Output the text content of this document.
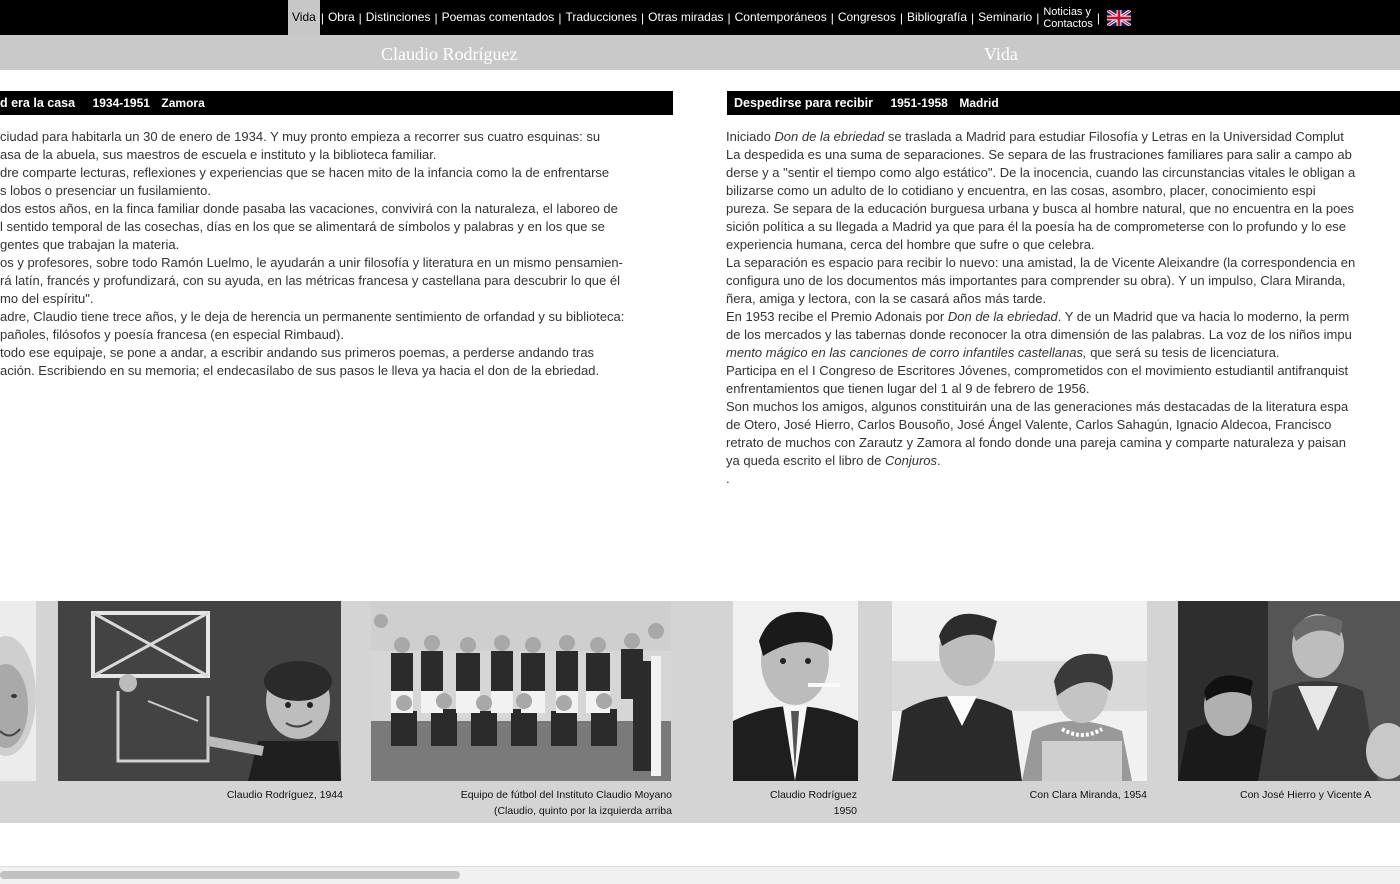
Vida | Obra | Distinciones | Poemas comentados | Traducciones | Otras miradas | Contemporáneos | Congresos | Bibliografía | Seminario | Noticias y
Contactos |
Claudio Rodríguez	Vida
d era la casa 1934-1951 Zamora	Despedirse para recibir 1951-1958 Madrid

ciudad para habitarla un 30 de enero de 1934. Y muy pronto empieza a recorrer sus cuatro esquinas: su

asa de la abuela, sus maestros de escuela e instituto y la biblioteca familiar.

dre comparte lecturas, reflexiones y experiencias que se hacen mito de la infancia como la de enfrentarse

s lobos o presenciar un fusilamiento.

dos estos años, en la finca familiar donde pasaba las vacaciones, convivirá con la naturaleza, el laboreo de

l sentido temporal de las cosechas, días en los que se alimentará de símbolos y palabras y en los que se

gentes que trabajan la materia.

os y profesores, sobre todo Ramón Luelmo, le ayudarán a unir filosofía y literatura en un mismo pensamien-

rá latín, francés y profundizará, con su ayuda, en las métricas francesa y castellana para descubrir lo que él

mo del espíritu".

adre, Claudio tiene trece años, y le deja de herencia un permanente sentimiento de orfandad y su biblioteca:

pañoles, filósofos y poesía francesa (en especial Rimbaud).

todo ese equipaje, se pone a andar, a escribir andando sus primeros poemas, a perderse andando tras

ación. Escribiendo en su memoria; el endecasílabo de sus pasos le lleva ya hacia el don de la ebriedad.

Iniciado Don de la ebriedad se traslada a Madrid para estudiar Filosofía y Letras en la Universidad Complut

La despedida es una suma de separaciones. Se separa de las frustraciones familiares para salir a campo ab

derse y a "sentir el tiempo como algo estático". De la inocencia, cuando las circunstancias vitales le obligan a

bilizarse como un adulto de lo cotidiano y encuentra, en las cosas, asombro, placer, conocimiento espi

pureza. Se separa de la educación burguesa urbana y busca al hombre natural, que no encuentra en la poes

sición política a su llegada a Madrid ya que para él la poesía ha de comprometerse con lo profundo y lo ese

experiencia humana, cerca del hombre que sufre o que celebra.

La separación es espacio para recibir lo nuevo: una amistad, la de Vicente Aleixandre (la correspondencia en

configura uno de los documentos más importantes para comprender su obra). Y un impulso, Clara Miranda,

ñera, amiga y lectora, con la se casará años más tarde.

En 1953 recibe el Premio Adonais por Don de la ebriedad. Y de un Madrid que va hacia lo moderno, la perm

de los mercados y las tabernas donde reconocer la otra dimensión de las palabras. La voz de los niños impu

mento mágico en las canciones de corro infantiles castellanas, que será su tesis de licenciatura.

Participa en el I Congreso de Escritores Jóvenes, comprometidos con el movimiento estudiantil antifranquist

enfrentamientos que tienen lugar del 1 al 9 de febrero de 1956.

Son muchos los amigos, algunos constituirán una de las generaciones más destacadas de la literatura espa

de Otero, José Hierro, Carlos Bousoño, José Ángel Valente, Carlos Sahagún, Ignacio Aldecoa, Francisco

retrato de muchos con Zarautz y Zamora al fondo donde una pareja camina y comparte naturaleza y paisan

ya queda escrito el libro de Conjuros.

.

Claudio Rodríguez, 1944	Equipo de fútbol del Instituto Claudio Moyano
(Claudio, quinto por la izquierda arriba
Claudio Rodríguez
1950
Con Clara Miranda, 1954	Con José Hierro y Vicente A
